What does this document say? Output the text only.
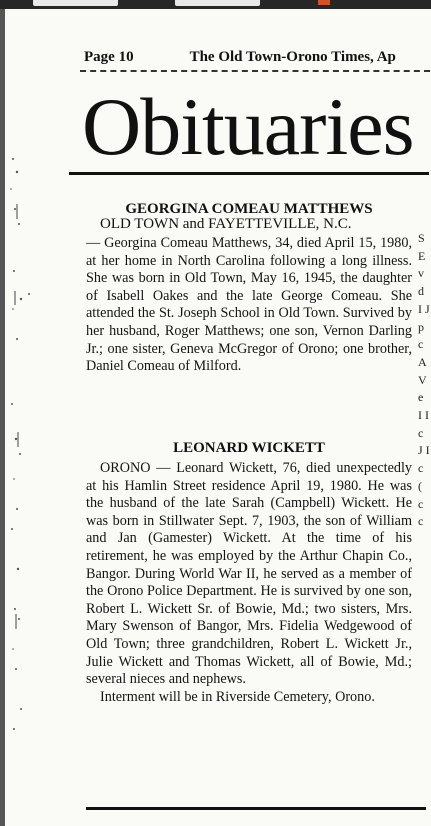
Page 10	The Old Town-Orono Times, Ap
Obituaries
GEORGINA COMEAU MATTHEWS
OLD TOWN and FAYETTEVILLE, N.C.

— Georgina Comeau Matthews, 34, died April 15, 1980, at her home in North Carolina following a long illness. She was born in Old Town, May 16, 1945, the daughter of Isabell Oakes and the late George Comeau. She attended the St. Joseph School in Old Town. Survived by her husband, Roger Matthews; one son, Vernon Darling Jr.; one sister, Geneva McGregor of Orono; one brother, Daniel Comeau of Milford.

LEONARD WICKETT

ORONO — Leonard Wickett, 76, died unexpectedly at his Hamlin Street residence April 19, 1980. He was the husband of the late Sarah (Campbell) Wickett. He was born in Stillwater Sept. 7, 1903, the son of William and Jan (Gamester) Wickett. At the time of his retirement, he was employed by the Arthur Chapin Co., Bangor. During World War II, he served as a member of the Orono Police Department. He is survived by one son, Robert L. Wickett Sr. of Bowie, Md.; two sisters, Mrs. Mary Swenson of Bangor, Mrs. Fidelia Wedgewood of Old Town; three grandchildren, Robert L. Wickett Jr., Julie Wickett and Thomas Wickett, all of Bowie, Md.; several nieces and nephews.

Interment will be in Riverside Cemetery, Orono.

S E v d I J p c A V e I I c J I c ( c c
